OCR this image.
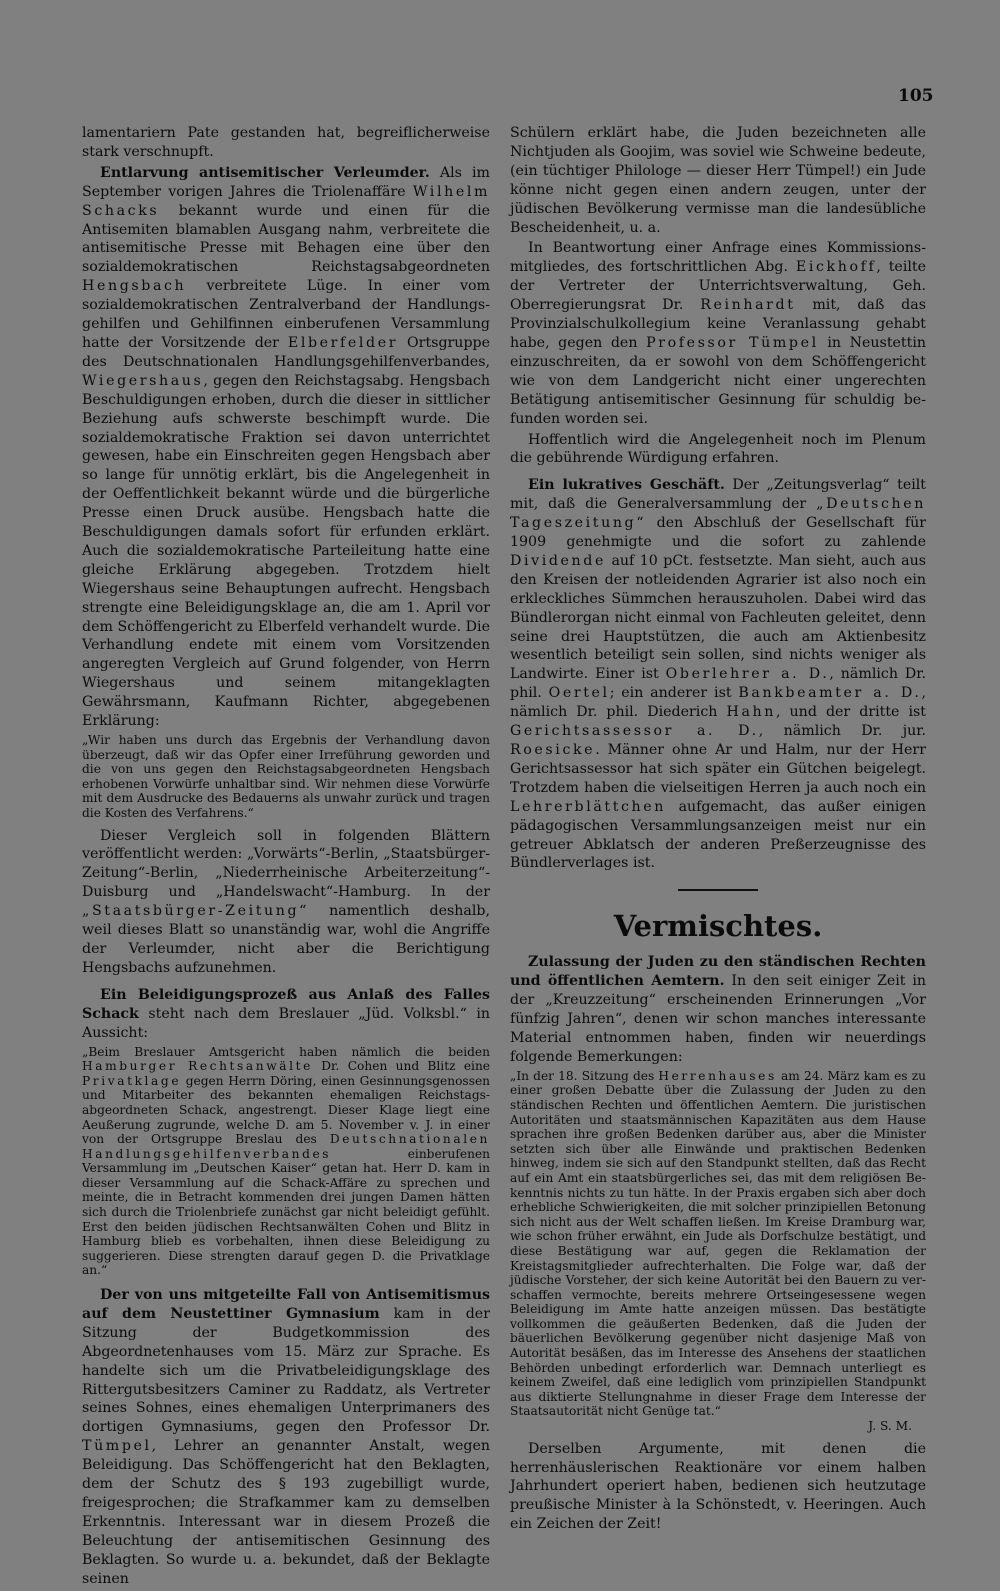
105

lamentariern Pate gestanden hat, begreiflicherweise stark verschnupft.

Entlarvung antisemitischer Verleumder. Als im September vorigen Jahres die Triolenaffäre Wilhelm Schacks bekannt wurde und einen für die Antisemiten blamablen Ausgang nahm, verbreitete die antisemitische Presse mit Behagen eine über den sozialdemokratischen Reichstagsabgeordneten Hengsbach verbreitete Lüge. In einer vom sozialdemokratischen Zentralverband der Handlungsgehilfen und Gehilfinnen einberufenen Versammlung hatte der Vorsitzende der Elberfelder Ortsgruppe des Deutschnationalen Handlungsgehilfenverbandes, Wiegershaus, gegen den Reichstagsabg. Hengsbach Beschuldigungen erhoben, durch die dieser in sittlicher Beziehung aufs schwerste beschimpft wurde. Die sozialdemokratische Fraktion sei davon unterrichtet gewesen, habe ein Einschreiten gegen Hengsbach aber so lange für unnötig erklärt, bis die Angelegenheit in der Oeffentlichkeit bekannt würde und die bürgerliche Presse einen Druck ausübe. Hengsbach hatte die Beschuldigungen damals sofort für erfunden erklärt. Auch die sozialdemokratische Parteileitung hatte eine gleiche Erklärung abgegeben. Trotzdem hielt Wiegershaus seine Behauptungen aufrecht. Hengsbach strengte eine Beleidigungsklage an, die am 1. April vor dem Schöffengericht zu Elberfeld verhandelt wurde. Die Verhandlung endete mit einem vom Vorsitzenden angeregten Vergleich auf Grund folgender, von Herrn Wiegershaus und seinem mitangeklagten Gewährsmann, Kaufmann Richter, abgegebenen Erklärung:

„Wir haben uns durch das Ergebnis der Verhandlung davon überzeugt, daß wir das Opfer einer Irreführung geworden und die von uns gegen den Reichstagsabgeordneten Hengsbach erhobenen Vorwürfe unhaltbar sind. Wir nehmen diese Vorwürfe mit dem Ausdrucke des Bedauerns als unwahr zurück und tragen die Kosten des Verfahrens.“

Dieser Vergleich soll in folgenden Blättern veröffentlicht werden: „Vorwärts“-Berlin, „Staatsbürger-Zeitung“-Berlin, „Niederrheinische Arbeiterzeitung“-Duisburg und „Handelswacht“-Hamburg. In der „Staatsbürger-Zeitung“ namentlich deshalb, weil dieses Blatt so unanständig war, wohl die Angriffe der Verleumder, nicht aber die Berichtigung Hengsbachs aufzunehmen.

Ein Beleidigungsprozeß aus Anlaß des Falles Schack steht nach dem Breslauer „Jüd. Volksbl.“ in Aussicht:

„Beim Breslauer Amtsgericht haben nämlich die beiden Hamburger Rechtsanwälte Dr. Cohen und Blitz eine Privatklage gegen Herrn Döring, einen Gesinnungsgenossen und Mitarbeiter des bekannten ehemaligen Reichstagsabgeordneten Schack, angestrengt. Dieser Klage liegt eine Aeußerung zugrunde, welche D. am 5. November v. J. in einer von der Ortsgruppe Breslau des Deutschnationalen Handlungsgehilfenverbandes	einberufenen Versammlung im „Deutschen Kaiser“ getan hat. Herr D. kam in dieser Versammlung auf die Schack-Affäre zu sprechen und meinte, die in Betracht kommenden drei jungen Damen hätten sich durch die Triolenbriefe zunächst gar nicht beleidigt gefühlt. Erst den beiden jüdischen Rechtsanwälten Cohen und Blitz in Hamburg blieb es vorbehalten, ihnen diese Beleidigung zu suggerieren. Diese strengten darauf gegen D. die Privatklage an.“

Der von uns mitgeteilte Fall von Antisemitismus auf dem Neustettiner Gymnasium kam in der Sitzung der Budgetkommission des Abgeordnetenhauses vom 15. März zur Sprache. Es handelte sich um die Privatbeleidigungsklage des Rittergutsbesitzers Caminer zu Raddatz, als Vertreter seines Sohnes, eines ehemaligen Unterprimaners des dortigen Gymnasiums, gegen den Professor Dr. Tümpel, Lehrer an genannter Anstalt, wegen Beleidigung. Das Schöffengericht hat den Beklagten, dem der Schutz des § 193 zugebilligt wurde, freigesprochen; die Strafkammer kam zu demselben Erkenntnis. Interessant war in diesem Prozeß die Beleuchtung der antisemitischen Gesinnung des Beklagten. So wurde u. a. bekundet, daß der Beklagte seinen

Schülern erklärt habe, die Juden bezeichneten alle Nichtjuden als Goojim, was soviel wie Schweine bedeute, (ein tüchtiger Philologe — dieser Herr Tümpel!) ein Jude könne nicht gegen einen andern zeugen, unter der jüdischen Bevölkerung vermisse man die landesübliche Bescheidenheit, u. a.

In Beantwortung einer Anfrage eines Kommissionsmitgliedes, des fortschrittlichen Abg. Eickhoff, teilte der Vertreter der Unterrichtsverwaltung, Geh. Oberregierungsrat Dr. Reinhardt mit, daß das Provinzialschulkollegium keine Veranlassung gehabt habe, gegen den Professor Tümpel in Neustettin einzuschreiten, da er sowohl von dem Schöffengericht wie von dem Landgericht nicht einer ungerechten Betätigung antisemitischer Gesinnung für schuldig befunden worden sei.

Hoffentlich wird die Angelegenheit noch im Plenum die gebührende Würdigung erfahren.

Ein lukratives Geschäft. Der „Zeitungsverlag“ teilt mit, daß die Generalversammlung der „Deutschen Tageszeitung“ den Abschluß der Gesellschaft für 1909 genehmigte und die sofort zu zahlende Dividende auf 10 pCt. festsetzte. Man sieht, auch aus den Kreisen der notleidenden Agrarier ist also noch ein erkleckliches Sümmchen herauszuholen. Dabei wird das Bündlerorgan nicht einmal von Fachleuten geleitet, denn seine drei Hauptstützen, die auch am Aktienbesitz wesentlich beteiligt sein sollen, sind nichts weniger als Landwirte. Einer ist Oberlehrer a. D., nämlich Dr. phil. Oertel; ein anderer ist Bankbeamter a. D., nämlich Dr. phil. Diederich Hahn, und der dritte ist Gerichtsassessor a. D., nämlich Dr. jur. Roesicke. Männer ohne Ar und Halm, nur der Herr Gerichtsassessor hat sich später ein Gütchen beigelegt. Trotzdem haben die vielseitigen Herren ja auch noch ein Lehrerblättchen aufgemacht, das außer einigen pädagogischen Versammlungsanzeigen meist nur ein getreuer Abklatsch der anderen Preßerzeugnisse des Bündlerverlages ist.

Vermischtes.

Zulassung der Juden zu den ständischen Rechten und öffentlichen Aemtern. In den seit einiger Zeit in der „Kreuzzeitung“ erscheinenden Erinnerungen „Vor fünfzig Jahren“, denen wir schon manches interessante Material entnommen haben, finden wir neuerdings folgende Bemerkungen:

„In der 18. Sitzung des Herrenhauses am 24. März kam es zu einer großen Debatte über die Zulassung der Juden zu den ständischen Rechten und öffentlichen Aemtern. Die juristischen Autoritäten und staatsmännischen Kapazitäten aus dem Hause sprachen ihre großen Bedenken darüber aus, aber die Minister setzten sich über alle Einwände und praktischen Bedenken hinweg, indem sie sich auf den Standpunkt stellten, daß das Recht auf ein Amt ein staatsbürgerliches sei, das mit dem religiösen Bekenntnis nichts zu tun hätte. In der Praxis ergaben sich aber doch erhebliche Schwierigkeiten, die mit solcher prinzipiellen Betonung sich nicht aus der Welt schaffen ließen. Im Kreise Dramburg war, wie schon früher erwähnt, ein Jude als Dorfschulze bestätigt, und diese Bestätigung war auf, gegen die Reklamation der Kreistagsmitglieder aufrechterhalten. Die Folge war, daß der jüdische Vorsteher, der sich keine Autorität bei den Bauern zu verschaffen vermochte, bereits mehrere Ortseingesessene wegen Beleidigung im Amte hatte anzeigen müssen. Das bestätigte vollkommen die geäußerten Bedenken, daß die Juden der bäuerlichen Bevölkerung gegenüber nicht dasjenige Maß von Autorität besäßen, das im Interesse des Ansehens der staatlichen Behörden unbedingt erforderlich war. Demnach unterliegt es keinem Zweifel, daß eine lediglich vom prinzipiellen Standpunkt aus diktierte Stellungnahme in dieser Frage dem Interesse der Staatsautorität nicht Genüge tat.“
J. S. M.

Derselben Argumente, mit denen die herrenhäuslerischen Reaktionäre vor einem halben Jahrhundert operiert haben, bedienen sich heutzutage preußische Minister à la Schönstedt, v. Heeringen. Auch ein Zeichen der Zeit!
